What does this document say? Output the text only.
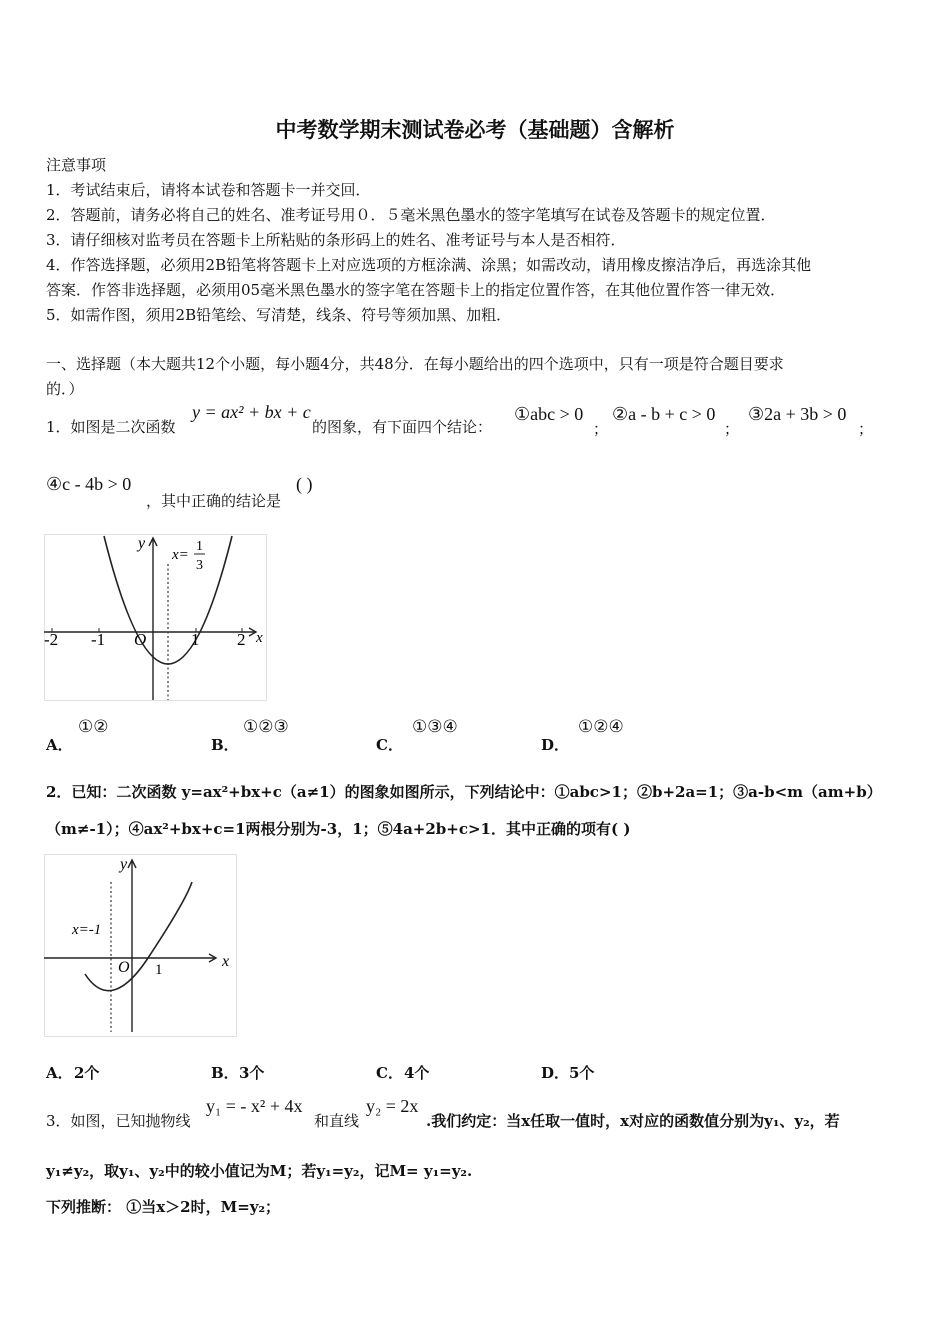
中考数学期末测试卷必考（基础题）含解析
注意事项
1．考试结束后，请将本试卷和答题卡一并交回．
2．答题前，请务必将自己的姓名、准考证号用０．５毫米黑色墨水的签字笔填写在试卷及答题卡的规定位置．
3．请仔细核对监考员在答题卡上所粘贴的条形码上的姓名、准考证号与本人是否相符．
4．作答选择题，必须用2B铅笔将答题卡上对应选项的方框涂满、涂黑；如需改动，请用橡皮擦洁净后，再选涂其他
答案．作答非选择题，必须用05毫米黑色墨水的签字笔在答题卡上的指定位置作答，在其他位置作答一律无效．
5．如需作图，须用2B铅笔绘、写清楚，线条、符号等须加黑、加粗．
一、选择题（本大题共12个小题，每小题4分，共48分．在每小题给出的四个选项中，只有一项是符合题目要求
的．）
1．如图是二次函数
y = ax² + bx + c
的图象，有下面四个结论：
①abc > 0
；
②a - b + c > 0
；
③2a + 3b > 0
；
④c - 4b > 0
，其中正确的结论是
( )
-2 -1 O	1 2 x
y
x=
1
3
A．
①②
B．
①②③
C．
①③④
D．
①②④
2．已知：二次函数 y=ax²+bx+c（a≠1）的图象如图所示，下列结论中：①abc>1；②b+2a=1；③a-b<m（am+b）
（m≠-1）；④ax²+bx+c=1两根分别为-3，1；⑤4a+2b+c>1．其中正确的项有( )
x=-1
O 1	x
y
A． 2个	B． 3个	C． 4个	D． 5个
3．如图，已知抛物线
y₁ = - x² + 4x
和直线
y₂ = 2x
.我们约定：当x任取一值时，x对应的函数值分别为y₁、y₂，若
y₁≠y₂，取y₁、y₂中的较小值记为M；若y₁=y₂，记M= y₁=y₂.
下列推断： ①当x＞2时，M=y₂；
